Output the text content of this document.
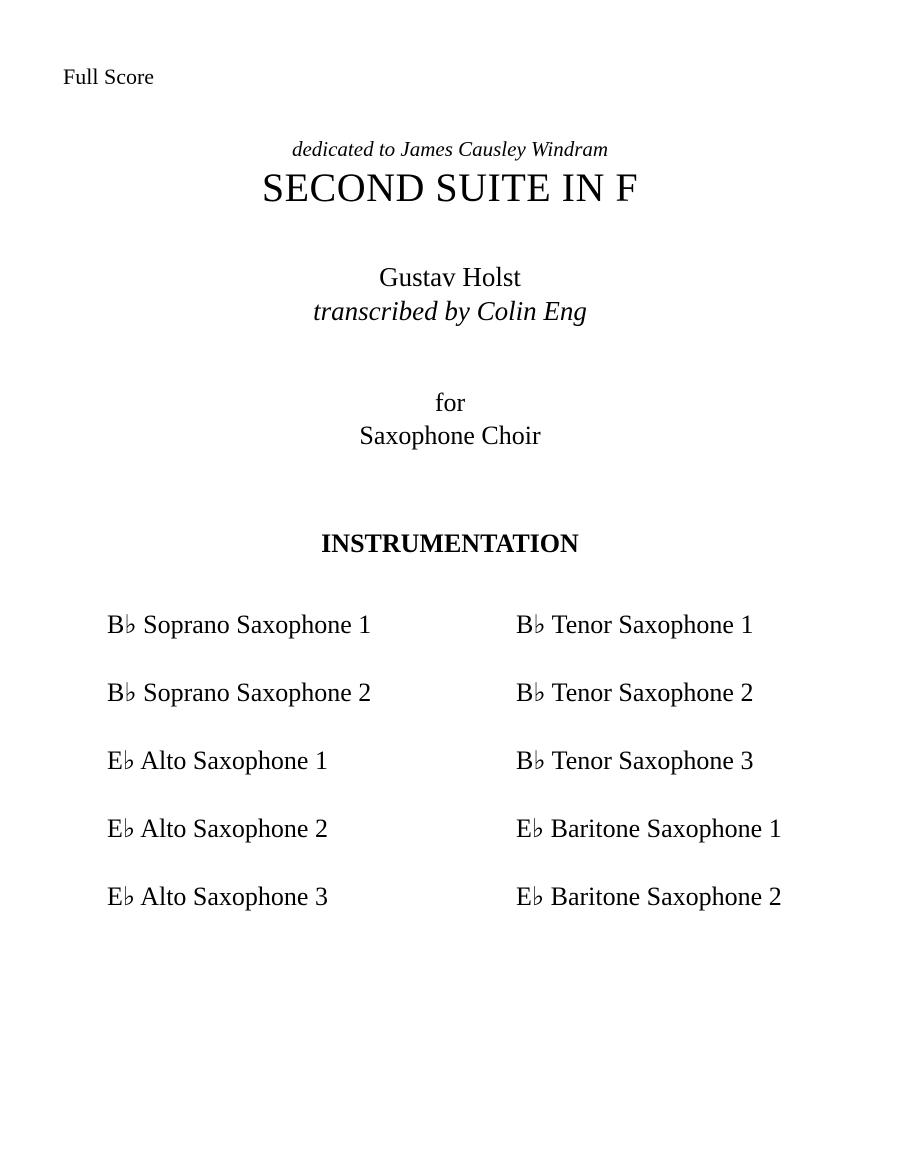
Full Score
dedicated to James Causley Windram
SECOND SUITE IN F
Gustav Holst
transcribed by Colin Eng
for
Saxophone Choir
INSTRUMENTATION
B♭ Soprano Saxophone 1
B♭ Soprano Saxophone 2
E♭ Alto Saxophone 1
E♭ Alto Saxophone 2
E♭ Alto Saxophone 3
B♭ Tenor Saxophone 1
B♭ Tenor Saxophone 2
B♭ Tenor Saxophone 3
E♭ Baritone Saxophone 1
E♭ Baritone Saxophone 2
